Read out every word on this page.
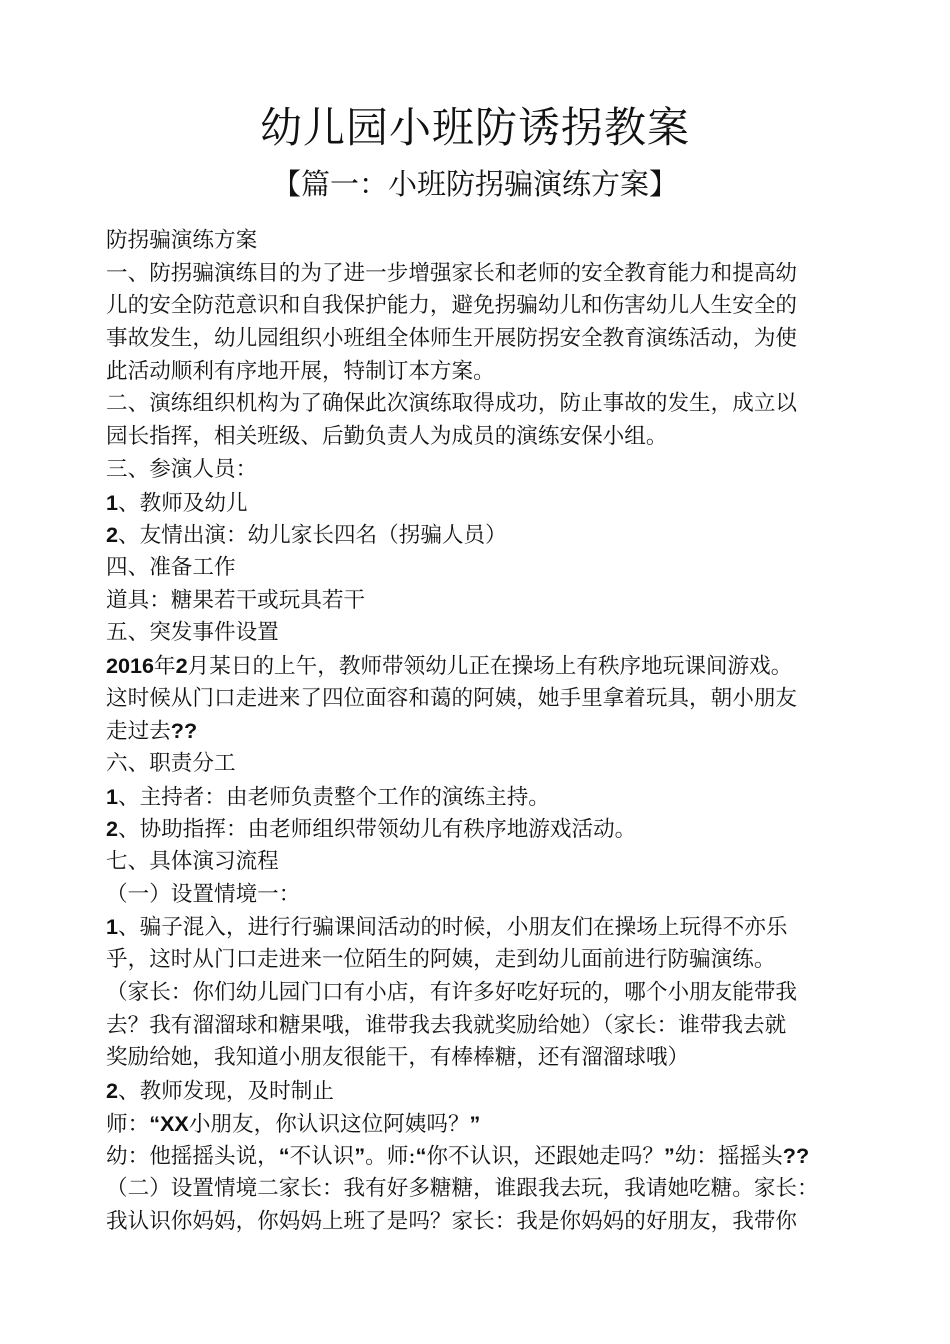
幼儿园小班防诱拐教案
【篇一：小班防拐骗演练方案】
防拐骗演练方案
一、防拐骗演练目的为了进一步增强家长和老师的安全教育能力和提高幼
儿的安全防范意识和自我保护能力，避免拐骗幼儿和伤害幼儿人生安全的
事故发生，幼儿园组织小班组全体师生开展防拐安全教育演练活动，为使
此活动顺利有序地开展，特制订本方案。
二、演练组织机构为了确保此次演练取得成功，防止事故的发生，成立以
园长指挥，相关班级、后勤负责人为成员的演练安保小组。
三、参演人员：
1、教师及幼儿
2、友情出演：幼儿家长四名（拐骗人员）
四、准备工作
道具：糖果若干或玩具若干
五、突发事件设置
2016年2月某日的上午，教师带领幼儿正在操场上有秩序地玩课间游戏。
这时候从门口走进来了四位面容和蔼的阿姨，她手里拿着玩具，朝小朋友
走过去??
六、职责分工
1、主持者：由老师负责整个工作的演练主持。
2、协助指挥：由老师组织带领幼儿有秩序地游戏活动。
七、具体演习流程
（一）设置情境一：
1、骗子混入，进行行骗课间活动的时候，小朋友们在操场上玩得不亦乐
乎，这时从门口走进来一位陌生的阿姨，走到幼儿面前进行防骗演练。
（家长：你们幼儿园门口有小店，有许多好吃好玩的，哪个小朋友能带我
去？我有溜溜球和糖果哦，谁带我去我就奖励给她）（家长：谁带我去就
奖励给她，我知道小朋友很能干，有棒棒糖，还有溜溜球哦）
2、教师发现，及时制止
师：“XX小朋友，你认识这位阿姨吗？”
幼：他摇摇头说，“不认识”。师:“你不认识，还跟她走吗？”幼：摇摇头??
（二）设置情境二家长：我有好多糖糖，谁跟我去玩，我请她吃糖。家长：
我认识你妈妈，你妈妈上班了是吗？家长：我是你妈妈的好朋友，我带你
